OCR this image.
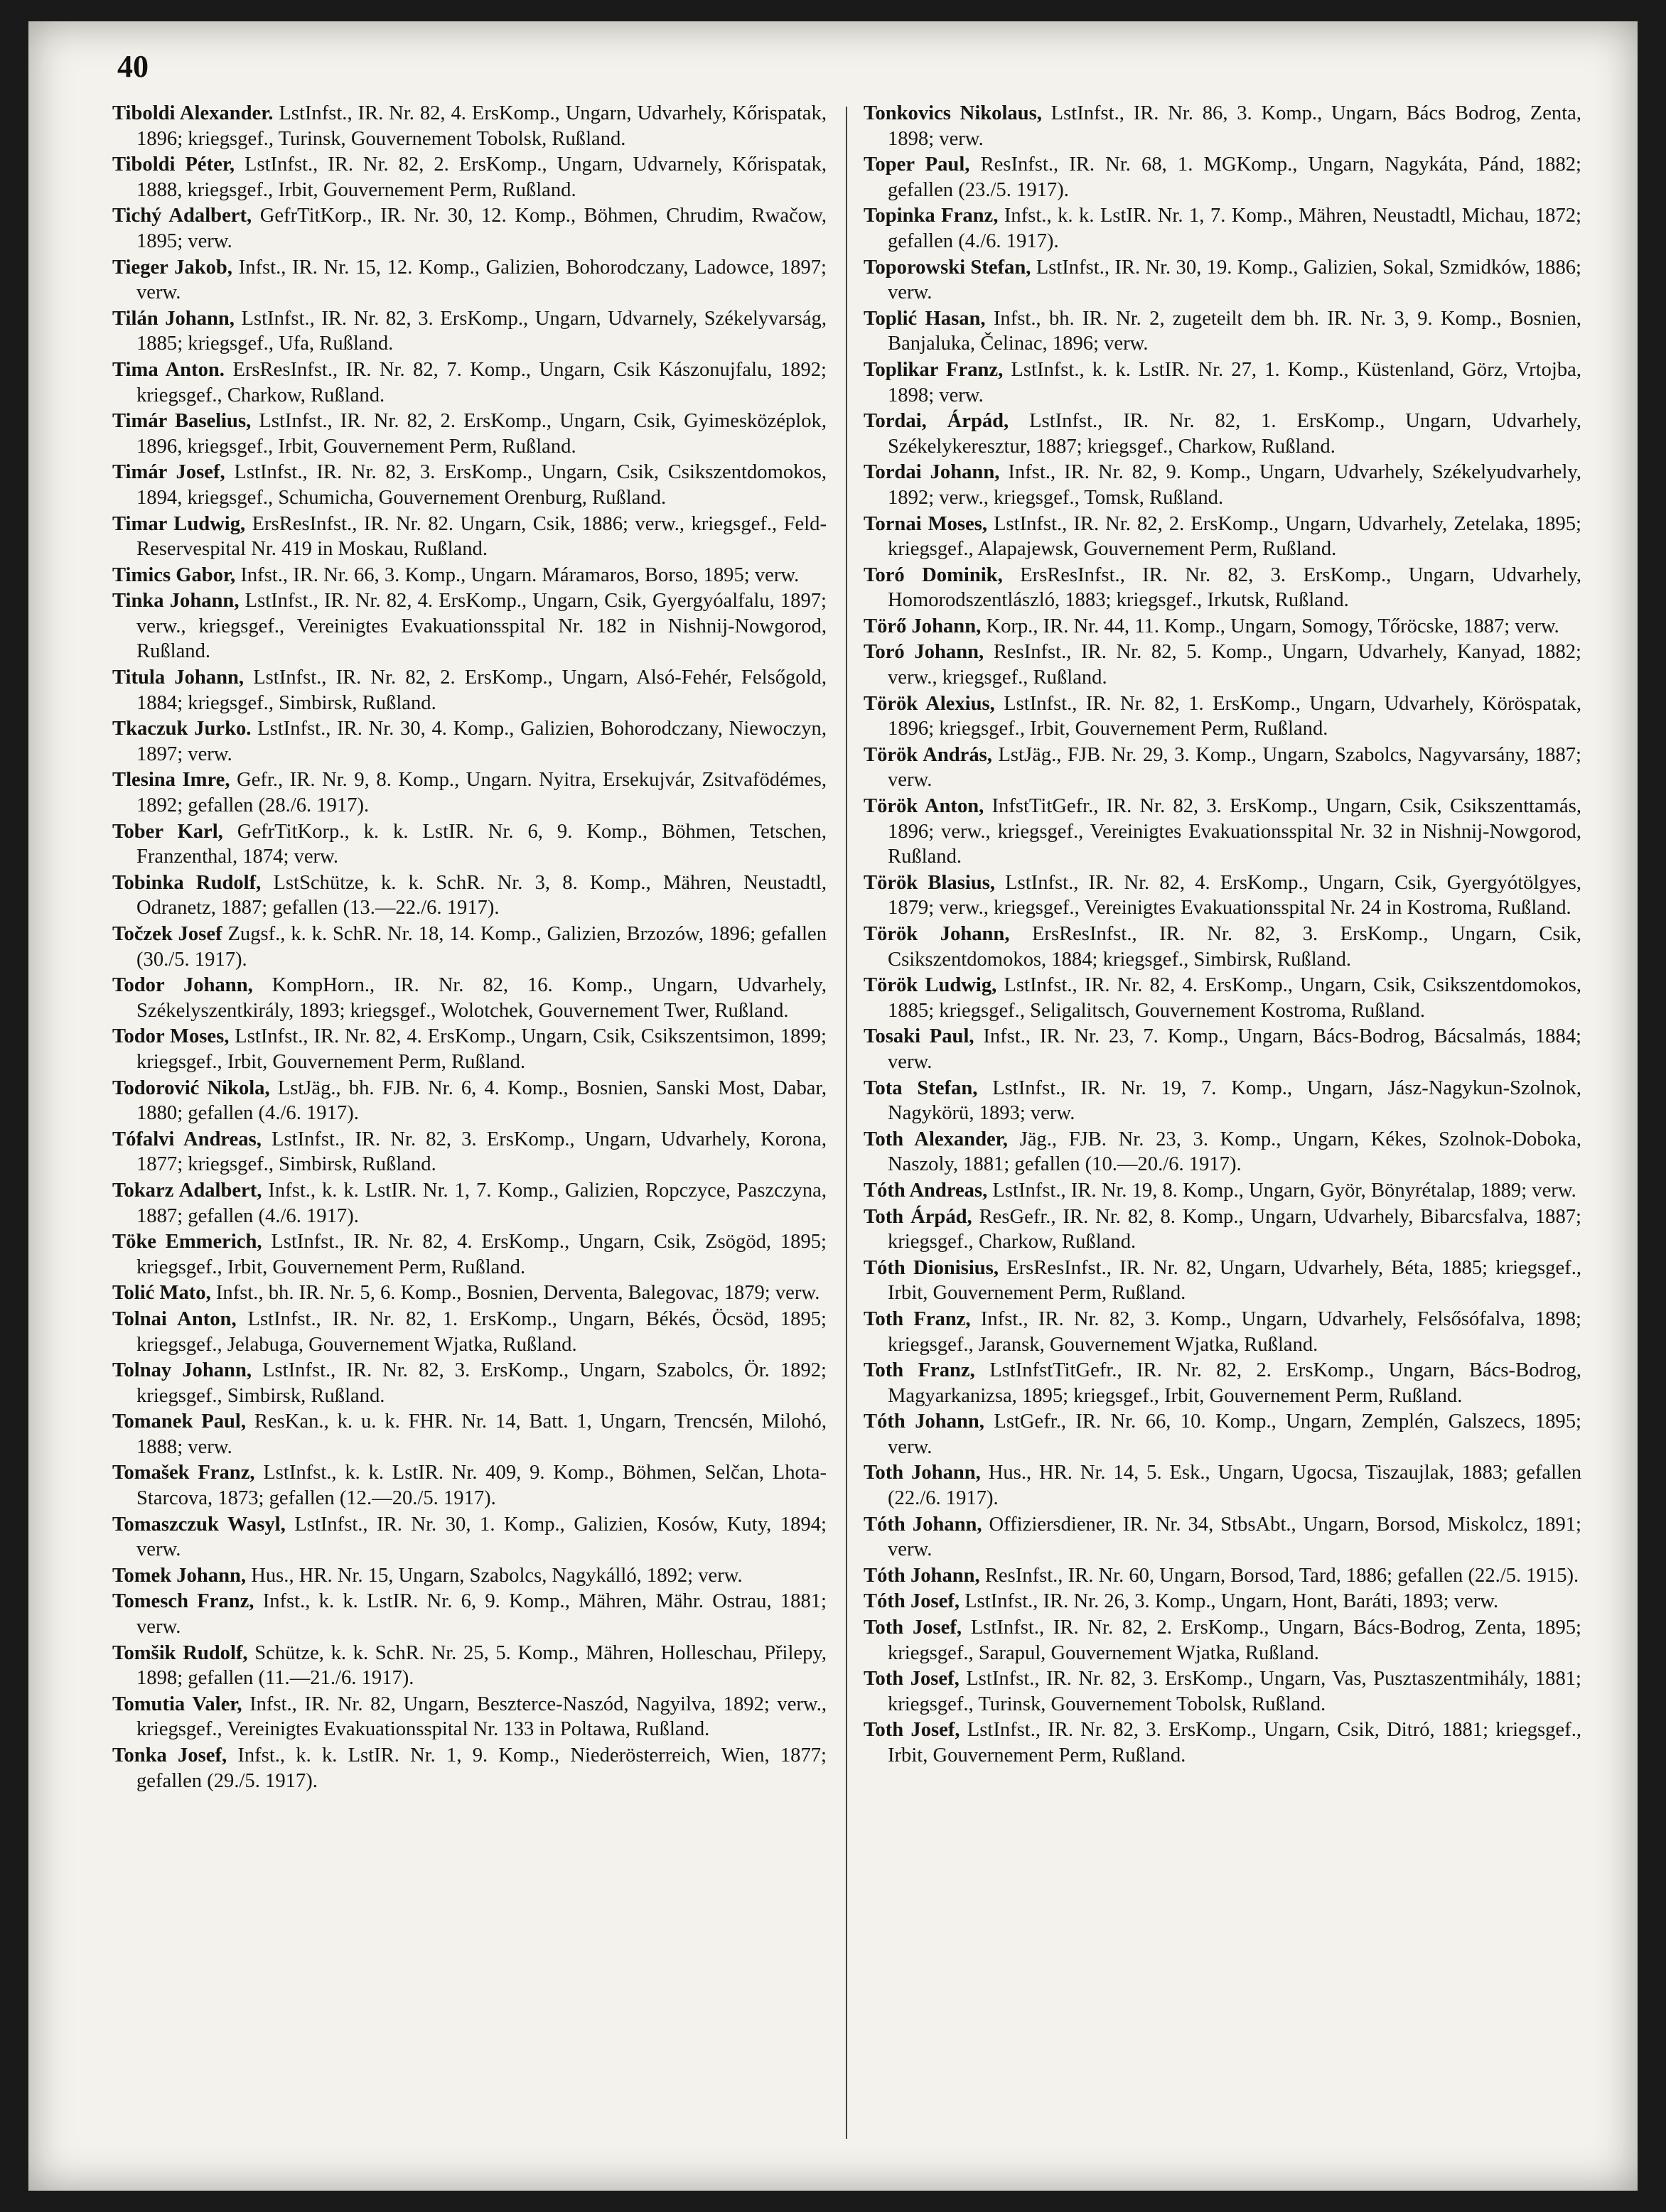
40

Tiboldi Alexander. LstInfst., IR. Nr. 82, 4. ErsKomp., Ungarn, Udvarhely, Kőrispatak, 1896; kriegsgef., Turinsk, Gouvernement Tobolsk, Rußland.

Tiboldi Péter, LstInfst., IR. Nr. 82, 2. ErsKomp., Ungarn, Udvarnely, Kőrispatak, 1888, kriegsgef., Irbit, Gouvernement Perm, Rußland.

Tichý Adalbert, GefrTitKorp., IR. Nr. 30, 12. Komp., Böhmen, Chrudim, Rwačow, 1895; verw.

Tieger Jakob, Infst., IR. Nr. 15, 12. Komp., Galizien, Bohorodczany, Ladowce, 1897; verw.

Tilán Johann, LstInfst., IR. Nr. 82, 3. ErsKomp., Ungarn, Udvarnely, Székelyvarság, 1885; kriegsgef., Ufa, Rußland.

Tima Anton. ErsResInfst., IR. Nr. 82, 7. Komp., Ungarn, Csik Kászonujfalu, 1892; kriegsgef., Charkow, Rußland.

Timár Baselius, LstInfst., IR. Nr. 82, 2. ErsKomp., Ungarn, Csik, Gyimesközéplok, 1896, kriegsgef., Irbit, Gouvernement Perm, Rußland.

Timár Josef, LstInfst., IR. Nr. 82, 3. ErsKomp., Ungarn, Csik, Csikszentdomokos, 1894, kriegsgef., Schumicha, Gouvernement Orenburg, Rußland.

Timar Ludwig, ErsResInfst., IR. Nr. 82. Ungarn, Csik, 1886; verw., kriegsgef., Feld-Reservespital Nr. 419 in Moskau, Rußland.

Timics Gabor, Infst., IR. Nr. 66, 3. Komp., Ungarn. Máramaros, Borso, 1895; verw.

Tinka Johann, LstInfst., IR. Nr. 82, 4. ErsKomp., Ungarn, Csik, Gyergyóalfalu, 1897; verw., kriegsgef., Vereinigtes Evakuationsspital Nr. 182 in Nishnij-Nowgorod, Rußland.

Titula Johann, LstInfst., IR. Nr. 82, 2. ErsKomp., Ungarn, Alsó-Fehér, Felsőgold, 1884; kriegsgef., Simbirsk, Rußland.

Tkaczuk Jurko. LstInfst., IR. Nr. 30, 4. Komp., Galizien, Bohorodczany, Niewoczyn, 1897; verw.

Tlesina Imre, Gefr., IR. Nr. 9, 8. Komp., Ungarn. Nyitra, Ersekujvár, Zsitvafödémes, 1892; gefallen (28./6. 1917).

Tober Karl, GefrTitKorp., k. k. LstIR. Nr. 6, 9. Komp., Böhmen, Tetschen, Franzenthal, 1874; verw.

Tobinka Rudolf, LstSchütze, k. k. SchR. Nr. 3, 8. Komp., Mähren, Neustadtl, Odranetz, 1887; gefallen (13.—22./6. 1917).

Točzek Josef Zugsf., k. k. SchR. Nr. 18, 14. Komp., Galizien, Brzozów, 1896; gefallen (30./5. 1917).

Todor Johann, KompHorn., IR. Nr. 82, 16. Komp., Ungarn, Udvarhely, Székelyszentkirály, 1893; kriegsgef., Wolotchek, Gouvernement Twer, Rußland.

Todor Moses, LstInfst., IR. Nr. 82, 4. ErsKomp., Ungarn, Csik, Csikszentsimon, 1899; kriegsgef., Irbit, Gouvernement Perm, Rußland.

Todorović Nikola, LstJäg., bh. FJB. Nr. 6, 4. Komp., Bosnien, Sanski Most, Dabar, 1880; gefallen (4./6. 1917).

Tófalvi Andreas, LstInfst., IR. Nr. 82, 3. ErsKomp., Ungarn, Udvarhely, Korona, 1877; kriegsgef., Simbirsk, Rußland.

Tokarz Adalbert, Infst., k. k. LstIR. Nr. 1, 7. Komp., Galizien, Ropczyce, Paszczyna, 1887; gefallen (4./6. 1917).

Töke Emmerich, LstInfst., IR. Nr. 82, 4. ErsKomp., Ungarn, Csik, Zsögöd, 1895; kriegsgef., Irbit, Gouvernement Perm, Rußland.

Tolić Mato, Infst., bh. IR. Nr. 5, 6. Komp., Bosnien, Derventa, Balegovac, 1879; verw.

Tolnai Anton, LstInfst., IR. Nr. 82, 1. ErsKomp., Ungarn, Békés, Öcsöd, 1895; kriegsgef., Jelabuga, Gouvernement Wjatka, Rußland.

Tolnay Johann, LstInfst., IR. Nr. 82, 3. ErsKomp., Ungarn, Szabolcs, Ör. 1892; kriegsgef., Simbirsk, Rußland.

Tomanek Paul, ResKan., k. u. k. FHR. Nr. 14, Batt. 1, Ungarn, Trencsén, Milohó, 1888; verw.

Tomašek Franz, LstInfst., k. k. LstIR. Nr. 409, 9. Komp., Böhmen, Selčan, Lhota-Starcova, 1873; gefallen (12.—20./5. 1917).

Tomaszczuk Wasyl, LstInfst., IR. Nr. 30, 1. Komp., Galizien, Kosów, Kuty, 1894; verw.

Tomek Johann, Hus., HR. Nr. 15, Ungarn, Szabolcs, Nagykálló, 1892; verw.

Tomesch Franz, Infst., k. k. LstIR. Nr. 6, 9. Komp., Mähren, Mähr. Ostrau, 1881; verw.

Tomšik Rudolf, Schütze, k. k. SchR. Nr. 25, 5. Komp., Mähren, Holleschau, Přilepy, 1898; gefallen (11.—21./6. 1917).

Tomutia Valer, Infst., IR. Nr. 82, Ungarn, Beszterce-Naszód, Nagyilva, 1892; verw., kriegsgef., Vereinigtes Evakuationsspital Nr. 133 in Poltawa, Rußland.

Tonka Josef, Infst., k. k. LstIR. Nr. 1, 9. Komp., Niederösterreich, Wien, 1877; gefallen (29./5. 1917).

Tonkovics Nikolaus, LstInfst., IR. Nr. 86, 3. Komp., Ungarn, Bács Bodrog, Zenta, 1898; verw.

Toper Paul, ResInfst., IR. Nr. 68, 1. MGKomp., Ungarn, Nagykáta, Pánd, 1882; gefallen (23./5. 1917).

Topinka Franz, Infst., k. k. LstIR. Nr. 1, 7. Komp., Mähren, Neustadtl, Michau, 1872; gefallen (4./6. 1917).

Toporowski Stefan, LstInfst., IR. Nr. 30, 19. Komp., Galizien, Sokal, Szmidków, 1886; verw.

Toplić Hasan, Infst., bh. IR. Nr. 2, zugeteilt dem bh. IR. Nr. 3, 9. Komp., Bosnien, Banjaluka, Čelinac, 1896; verw.

Toplikar Franz, LstInfst., k. k. LstIR. Nr. 27, 1. Komp., Küstenland, Görz, Vrtojba, 1898; verw.

Tordai, Árpád, LstInfst., IR. Nr. 82, 1. ErsKomp., Ungarn, Udvarhely, Székelykeresztur, 1887; kriegsgef., Charkow, Rußland.

Tordai Johann, Infst., IR. Nr. 82, 9. Komp., Ungarn, Udvarhely, Székelyudvarhely, 1892; verw., kriegsgef., Tomsk, Rußland.

Tornai Moses, LstInfst., IR. Nr. 82, 2. ErsKomp., Ungarn, Udvarhely, Zetelaka, 1895; kriegsgef., Alapajewsk, Gouvernement Perm, Rußland.

Toró Dominik, ErsResInfst., IR. Nr. 82, 3. ErsKomp., Ungarn, Udvarhely, Homorodszentlászló, 1883; kriegsgef., Irkutsk, Rußland.

Törő Johann, Korp., IR. Nr. 44, 11. Komp., Ungarn, Somogy, Tőröcske, 1887; verw.

Toró Johann, ResInfst., IR. Nr. 82, 5. Komp., Ungarn, Udvarhely, Kanyad, 1882; verw., kriegsgef., Rußland.

Török Alexius, LstInfst., IR. Nr. 82, 1. ErsKomp., Ungarn, Udvarhely, Köröspatak, 1896; kriegsgef., Irbit, Gouvernement Perm, Rußland.

Török András, LstJäg., FJB. Nr. 29, 3. Komp., Ungarn, Szabolcs, Nagyvarsány, 1887; verw.

Török Anton, InfstTitGefr., IR. Nr. 82, 3. ErsKomp., Ungarn, Csik, Csikszenttamás, 1896; verw., kriegsgef., Vereinigtes Evakuationsspital Nr. 32 in Nishnij-Nowgorod, Rußland.

Török Blasius, LstInfst., IR. Nr. 82, 4. ErsKomp., Ungarn, Csik, Gyergyótölgyes, 1879; verw., kriegsgef., Vereinigtes Evakuationsspital Nr. 24 in Kostroma, Rußland.

Török Johann, ErsResInfst., IR. Nr. 82, 3. ErsKomp., Ungarn, Csik, Csikszentdomokos, 1884; kriegsgef., Simbirsk, Rußland.

Török Ludwig, LstInfst., IR. Nr. 82, 4. ErsKomp., Ungarn, Csik, Csikszentdomokos, 1885; kriegsgef., Seligalitsch, Gouvernement Kostroma, Rußland.

Tosaki Paul, Infst., IR. Nr. 23, 7. Komp., Ungarn, Bács-Bodrog, Bácsalmás, 1884; verw.

Tota Stefan, LstInfst., IR. Nr. 19, 7. Komp., Ungarn, Jász-Nagykun-Szolnok, Nagykörü, 1893; verw.

Toth Alexander, Jäg., FJB. Nr. 23, 3. Komp., Ungarn, Kékes, Szolnok-Doboka, Naszoly, 1881; gefallen (10.—20./6. 1917).

Tóth Andreas, LstInfst., IR. Nr. 19, 8. Komp., Ungarn, Györ, Bönyrétalap, 1889; verw.

Toth Árpád, ResGefr., IR. Nr. 82, 8. Komp., Ungarn, Udvarhely, Bibarcsfalva, 1887; kriegsgef., Charkow, Rußland.

Tóth Dionisius, ErsResInfst., IR. Nr. 82, Ungarn, Udvarhely, Béta, 1885; kriegsgef., Irbit, Gouvernement Perm, Rußland.

Toth Franz, Infst., IR. Nr. 82, 3. Komp., Ungarn, Udvarhely, Felsősófalva, 1898; kriegsgef., Jaransk, Gouvernement Wjatka, Rußland.

Toth Franz, LstInfstTitGefr., IR. Nr. 82, 2. ErsKomp., Ungarn, Bács-Bodrog, Magyarkanizsa, 1895; kriegsgef., Irbit, Gouvernement Perm, Rußland.

Tóth Johann, LstGefr., IR. Nr. 66, 10. Komp., Ungarn, Zemplén, Galszecs, 1895; verw.

Toth Johann, Hus., HR. Nr. 14, 5. Esk., Ungarn, Ugocsa, Tiszaujlak, 1883; gefallen (22./6. 1917).

Tóth Johann, Offiziersdiener, IR. Nr. 34, StbsAbt., Ungarn, Borsod, Miskolcz, 1891; verw.

Tóth Johann, ResInfst., IR. Nr. 60, Ungarn, Borsod, Tard, 1886; gefallen (22./5. 1915).

Tóth Josef, LstInfst., IR. Nr. 26, 3. Komp., Ungarn, Hont, Baráti, 1893; verw.

Toth Josef, LstInfst., IR. Nr. 82, 2. ErsKomp., Ungarn, Bács-Bodrog, Zenta, 1895; kriegsgef., Sarapul, Gouvernement Wjatka, Rußland.

Toth Josef, LstInfst., IR. Nr. 82, 3. ErsKomp., Ungarn, Vas, Pusztaszentmihály, 1881; kriegsgef., Turinsk, Gouvernement Tobolsk, Rußland.

Toth Josef, LstInfst., IR. Nr. 82, 3. ErsKomp., Ungarn, Csik, Ditró, 1881; kriegsgef., Irbit, Gouvernement Perm, Rußland.
